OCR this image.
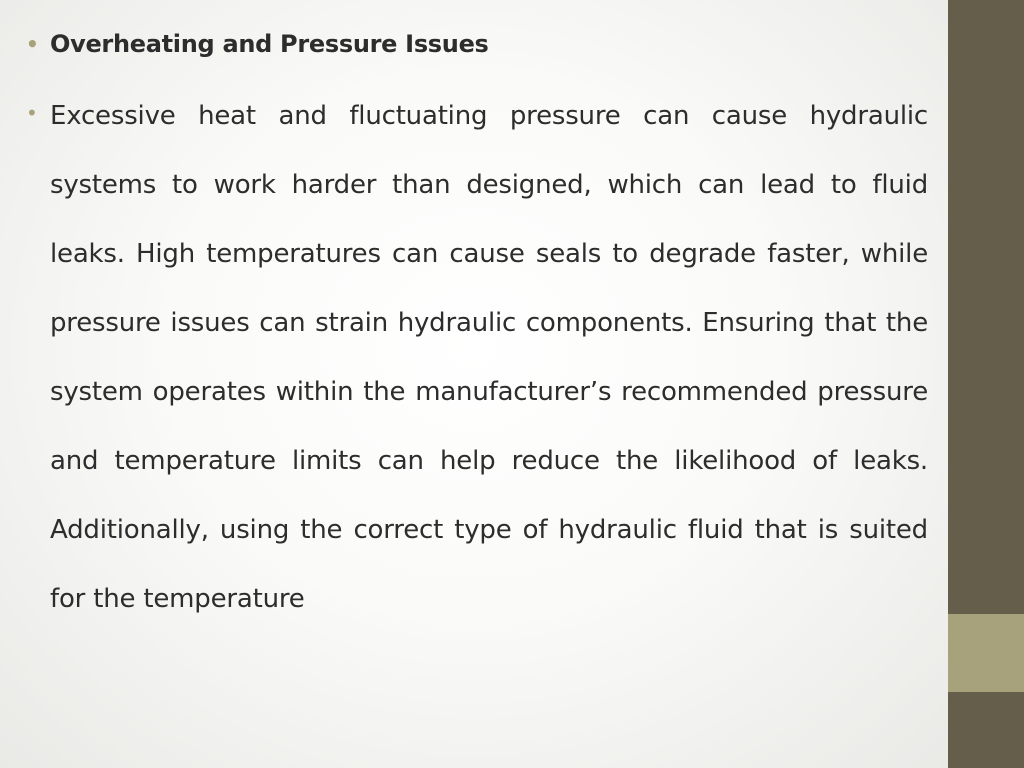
• Overheating and Pressure Issues
• Excessive heat and fluctuating pressure can cause hydraulic systems to work harder than designed, which can lead to fluid leaks. High temperatures can cause seals to degrade faster, while pressure issues can strain hydraulic components. Ensuring that the system operates within the manufacturer’s recommended pressure and temperature limits can help reduce the likelihood of leaks. Additionally, using the correct type of hydraulic fluid that is suited for the temperature
